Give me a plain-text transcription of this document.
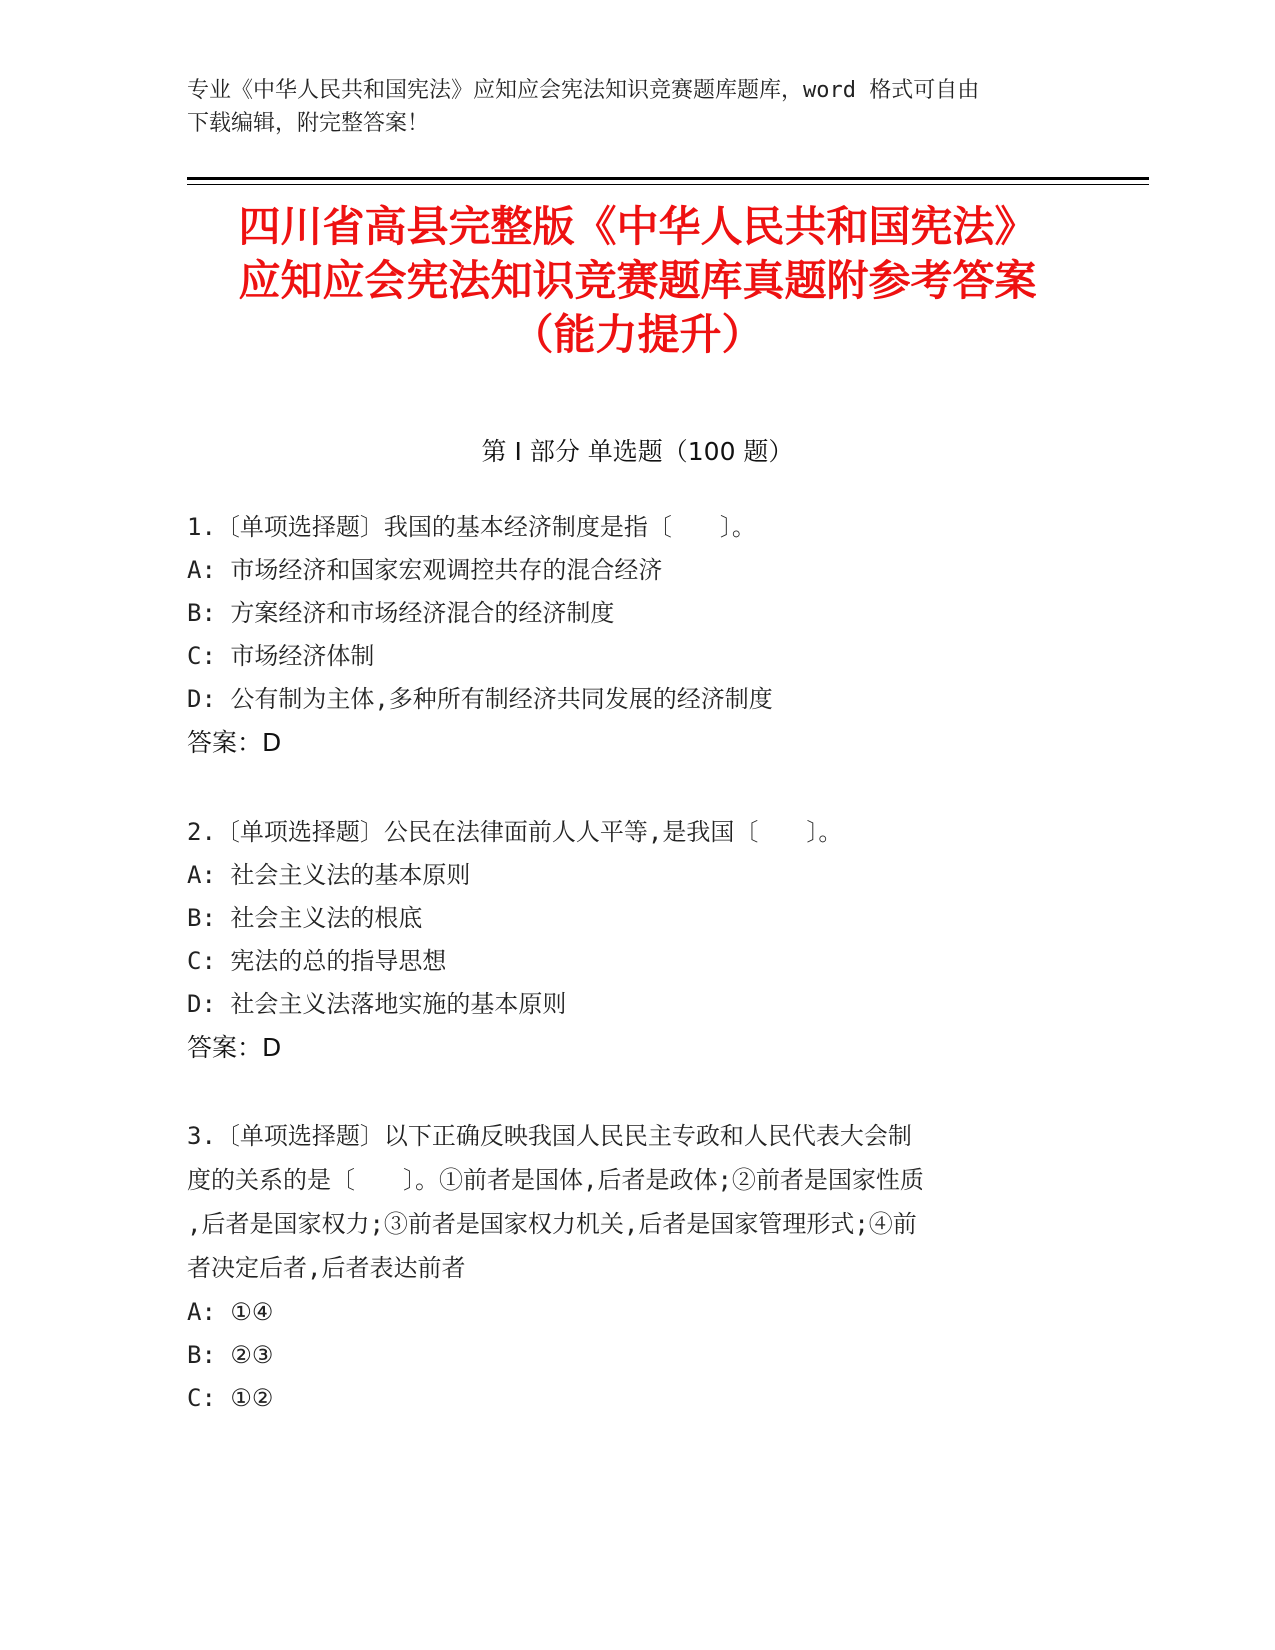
专业《中华人民共和国宪法》应知应会宪法知识竞赛题库题库，word 格式可自由
下载编辑，附完整答案！
四川省高县完整版《中华人民共和国宪法》
应知应会宪法知识竞赛题库真题附参考答案
（能力提升）
第 I 部分 单选题（100 题）
1.〔单项选择题〕我国的基本经济制度是指〔　　〕。
A: 市场经济和国家宏观调控共存的混合经济
B: 方案经济和市场经济混合的经济制度
C: 市场经济体制
D: 公有制为主体,多种所有制经济共同发展的经济制度
答案：D
2.〔单项选择题〕公民在法律面前人人平等,是我国〔　　〕。
A: 社会主义法的基本原则
B: 社会主义法的根底
C: 宪法的总的指导思想
D: 社会主义法落地实施的基本原则
答案：D
3.〔单项选择题〕以下正确反映我国人民民主专政和人民代表大会制
度的关系的是〔　　〕。①前者是国体,后者是政体;②前者是国家性质
,后者是国家权力;③前者是国家权力机关,后者是国家管理形式;④前
者决定后者,后者表达前者
A: ①④
B: ②③
C: ①②
